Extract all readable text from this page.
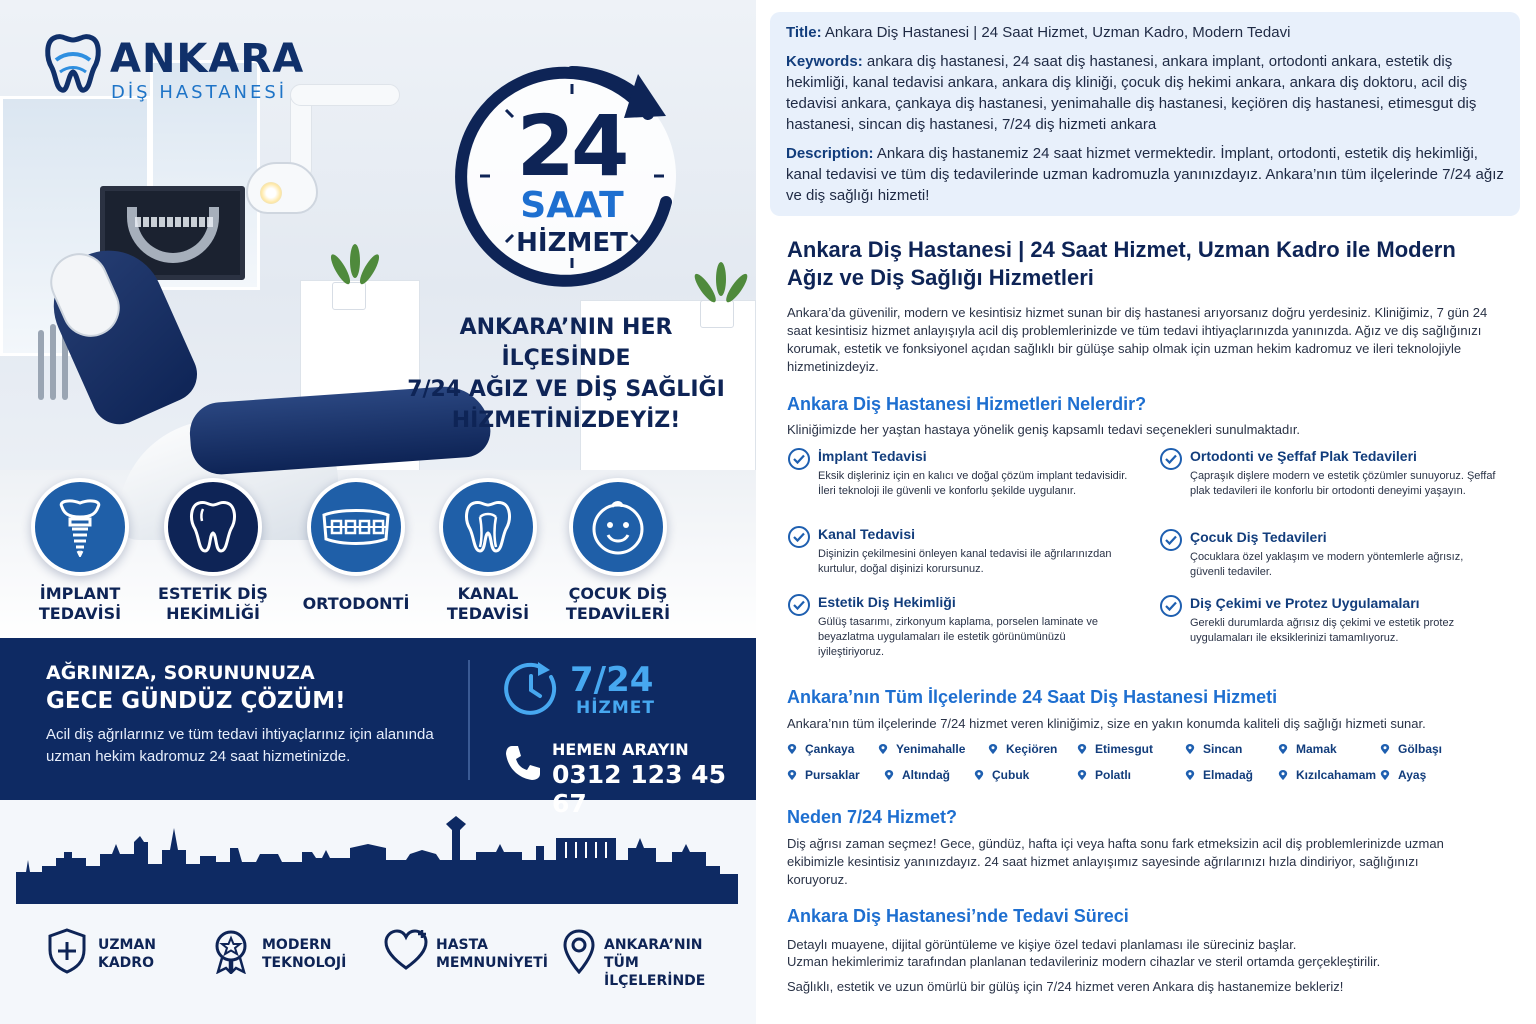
ANKARA
DİŞ HASTANESİ
24
SAAT
HİZMET
ANKARA’NIN HER İLÇESİNDE
7/24 AĞIZ VE DİŞ SAĞLIĞI
HİZMETİNİZDEYİZ!
İMPLANT
TEDAVİSİ
ESTETİK DİŞ
HEKİMLİĞİ
ORTODONTİ
KANAL
TEDAVİSİ
ÇOCUK DİŞ
TEDAVİLERİ
AĞRINIZA, SORUNUNUZA
GECE GÜNDÜZ ÇÖZÜM!
Acil diş ağrılarınız ve tüm tedavi ihtiyaçlarınız için alanında uzman hekim kadromuz 24 saat hizmetinizde.
7/24
HİZMET
HEMEN ARAYIN
0312 123 45 67
UZMAN
KADRO
MODERN
TEKNOLOJİ
HASTA
MEMNUNİYETİ
ANKARA’NIN
TÜM İLÇELERİNDE
Title: Ankara Diş Hastanesi | 24 Saat Hizmet, Uzman Kadro, Modern Tedavi
Keywords: ankara diş hastanesi, 24 saat diş hastanesi, ankara implant, ortodonti ankara, estetik diş hekimliği, kanal tedavisi ankara, ankara diş kliniği, çocuk diş hekimi ankara, ankara diş doktoru, acil diş tedavisi ankara, çankaya diş hastanesi, yenimahalle diş hastanesi, keçiören diş hastanesi, etimesgut diş hastanesi, sincan diş hastanesi, 7/24 diş hizmeti ankara
Description: Ankara diş hastanemiz 24 saat hizmet vermektedir. İmplant, ortodonti, estetik diş hekimliği, kanal tedavisi ve tüm diş tedavilerinde uzman kadromuzla yanınızdayız. Ankara’nın tüm ilçelerinde 7/24 ağız ve diş sağlığı hizmeti!
Ankara Diş Hastanesi | 24 Saat Hizmet, Uzman Kadro ile Modern Ağız ve Diş Sağlığı Hizmetleri

Ankara’da güvenilir, modern ve kesintisiz hizmet sunan bir diş hastanesi arıyorsanız doğru yerdesiniz. Kliniğimiz, 7 gün 24 saat kesintisiz hizmet anlayışıyla acil diş problemlerinizde ve tüm tedavi ihtiyaçlarınızda yanınızda. Ağız ve diş sağlığınızı korumak, estetik ve fonksiyonel açıdan sağlıklı bir gülüşe sahip olmak için uzman hekim kadromuz ve ileri teknolojiyle hizmetinizdeyiz.

Ankara Diş Hastanesi Hizmetleri Nelerdir?
Kliniğimizde her yaştan hastaya yönelik geniş kapsamlı tedavi seçenekleri sunulmaktadır.
İmplant Tedavisi
Eksik dişleriniz için en kalıcı ve doğal çözüm implant tedavisidir. İleri teknoloji ile güvenli ve konforlu şekilde uygulanır.
Kanal Tedavisi
Dişinizin çekilmesini önleyen kanal tedavisi ile ağrılarınızdan kurtulur, doğal dişinizi korursunuz.
Estetik Diş Hekimliği
Gülüş tasarımı, zirkonyum kaplama, porselen laminate ve beyazlatma uygulamaları ile estetik görünümünüzü iyileştiriyoruz.
Ortodonti ve Şeffaf Plak Tedavileri
Çapraşık dişlere modern ve estetik çözümler sunuyoruz. Şeffaf plak tedavileri ile konforlu bir ortodonti deneyimi yaşayın.
Çocuk Diş Tedavileri
Çocuklara özel yaklaşım ve modern yöntemlerle ağrısız, güvenli tedaviler.
Diş Çekimi ve Protez Uygulamaları
Gerekli durumlarda ağrısız diş çekimi ve estetik protez uygulamaları ile eksiklerinizi tamamlıyoruz.
Ankara’nın Tüm İlçelerinde 24 Saat Diş Hastanesi Hizmeti
Ankara’nın tüm ilçelerinde 7/24 hizmet veren kliniğimiz, size en yakın konumda kaliteli diş sağlığı hizmeti sunar.
Çankaya	Yenimahalle	Keçiören	Etimesgut	Sincan	Mamak	Gölbaşı
Pursaklar	Altındağ	Çubuk	Polatlı	Elmadağ	Kızılcahamam	Ayaş
Neden 7/24 Hizmet?
Diş ağrısı zaman seçmez! Gece, gündüz, hafta içi veya hafta sonu fark etmeksizin acil diş problemlerinizde uzman ekibimizle kesintisiz yanınızdayız. 24 saat hizmet anlayışımız sayesinde ağrılarınızı hızla dindiriyor, sağlığınızı koruyoruz.
Ankara Diş Hastanesi’nde Tedavi Süreci
Detaylı muayene, dijital görüntüleme ve kişiye özel tedavi planlaması ile süreciniz başlar.
Uzman hekimlerimiz tarafından planlanan tedavileriniz modern cihazlar ve steril ortamda gerçekleştirilir.
Sağlıklı, estetik ve uzun ömürlü bir gülüş için 7/24 hizmet veren Ankara diş hastanemize bekleriz!
